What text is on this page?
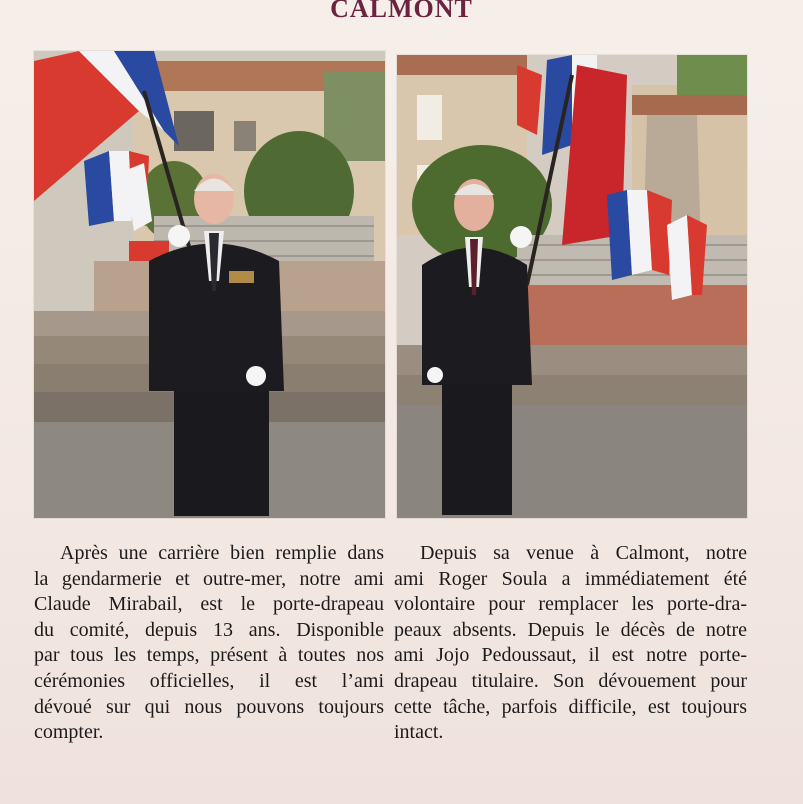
CALMONT
Après une carrière bien remplie dans
la gendarmerie et outre-mer, notre ami
Claude Mirabail, est le porte-drapeau
du comité, depuis 13 ans. Disponible
par tous les temps, présent à toutes nos
cérémonies officielles, il est l’ami
dévoué sur qui nous pouvons toujours
compter.
Depuis sa venue à Calmont, notre
ami Roger Soula a immédiatement été
volontaire pour remplacer les porte-dra-
peaux absents. Depuis le décès de notre
ami Jojo Pedoussaut, il est notre porte-
drapeau titulaire. Son dévouement pour
cette tâche, parfois difficile, est toujours
intact.
